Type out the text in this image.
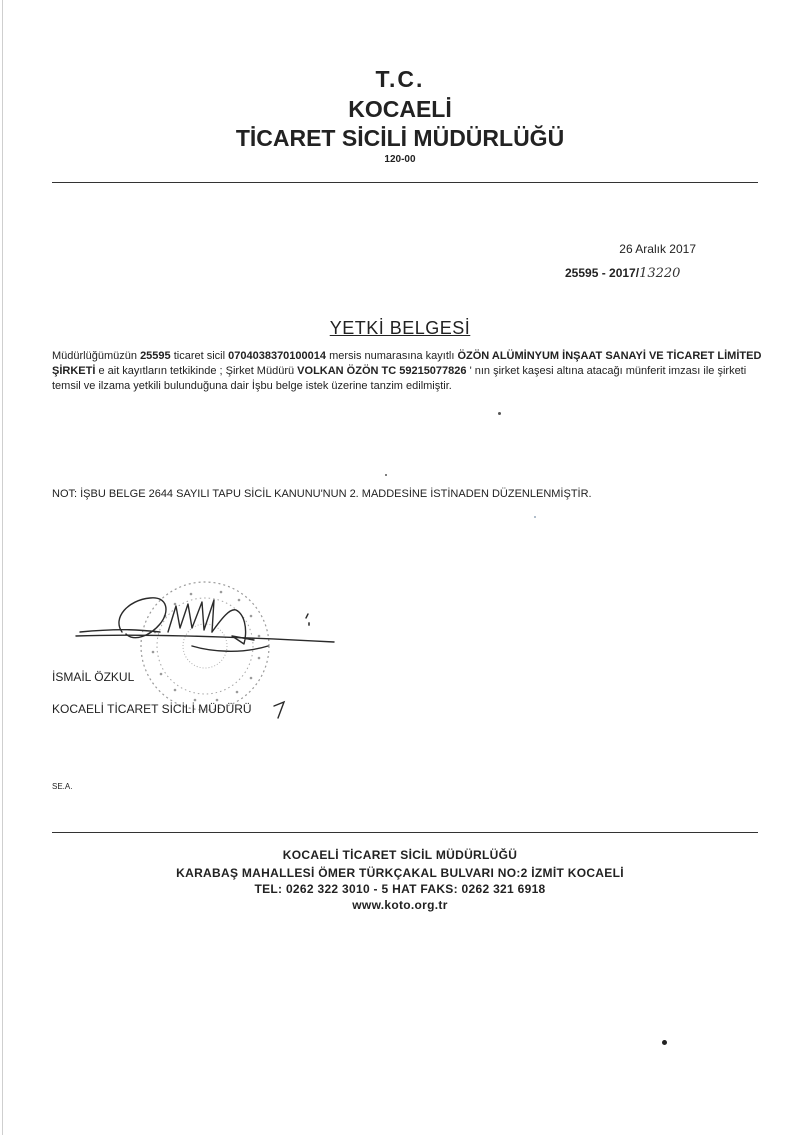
T.C.
KOCAELİ
TİCARET SİCİLİ MÜDÜRLÜĞÜ
120-00
26 Aralık 2017
25595 - 2017/13220
YETKİ BELGESİ
Müdürlüğümüzün 25595 ticaret sicil 0704038370100014 mersis numarasına kayıtlı ÖZÖN ALÜMİNYUM İNŞAAT SANAYİ VE TİCARET LİMİTED ŞİRKETİ e ait kayıtların tetkikinde ; Şirket Müdürü VOLKAN ÖZÖN TC 59215077826 ' nın şirket kaşesi altına atacağı münferit imzası ile şirketi temsil ve ilzama yetkili bulunduğuna dair İşbu belge istek üzerine tanzim edilmiştir.
NOT: İŞBU BELGE 2644 SAYILI TAPU SİCİL KANUNU'NUN 2. MADDESİNE İSTİNADEN DÜZENLENMİŞTİR.
İSMAİL ÖZKUL
KOCAELİ TİCARET SİCİLİ MÜDÜRÜ
SE.A.
KOCAELİ TİCARET SİCİL MÜDÜRLÜĞÜ
KARABAŞ MAHALLESİ ÖMER TÜRKÇAKAL BULVARI NO:2 İZMİT KOCAELİ
TEL: 0262 322 3010 - 5 HAT FAKS: 0262 321 6918
www.koto.org.tr
